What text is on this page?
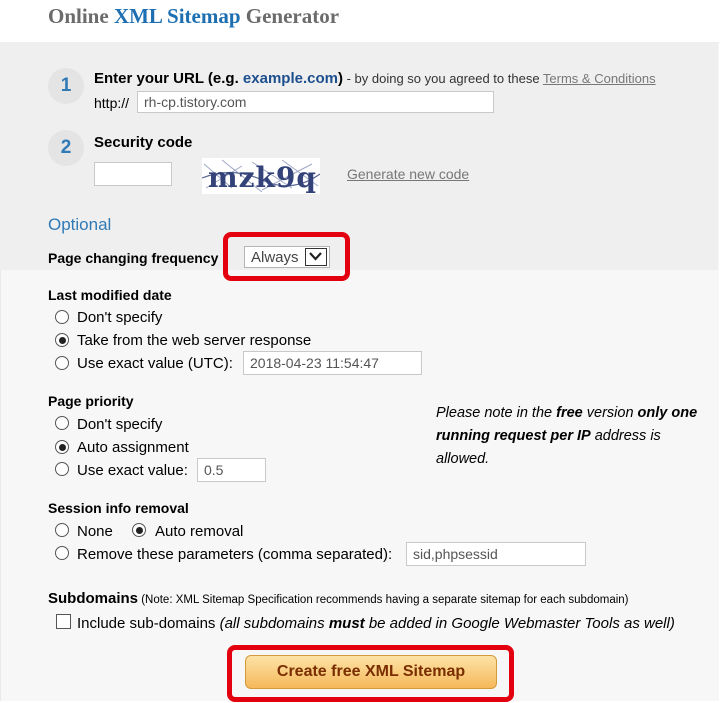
Online XML Sitemap Generator
1	Enter your URL (e.g. example.com) - by doing so you agreed to these Terms & Conditions
http://
rh-cp.tistory.com
2	Security code
mzk9q Generate new code
Optional
Page changing frequency Always
Last modified date
Don't specify
Take from the web server response
Use exact value (UTC):
2018-04-23 11:54:47
Page priority
Don't specify
Auto assignment
Use exact value:
0.5
Please note in the free version only one running request per IP address is allowed.
Session info removal
None	Auto removal
Remove these parameters (comma separated):
sid,phpsessid
Subdomains (Note: XML Sitemap Specification recommends having a separate sitemap for each subdomain)
Include sub-domains (all subdomains must be added in Google Webmaster Tools as well)
Create free XML Sitemap
